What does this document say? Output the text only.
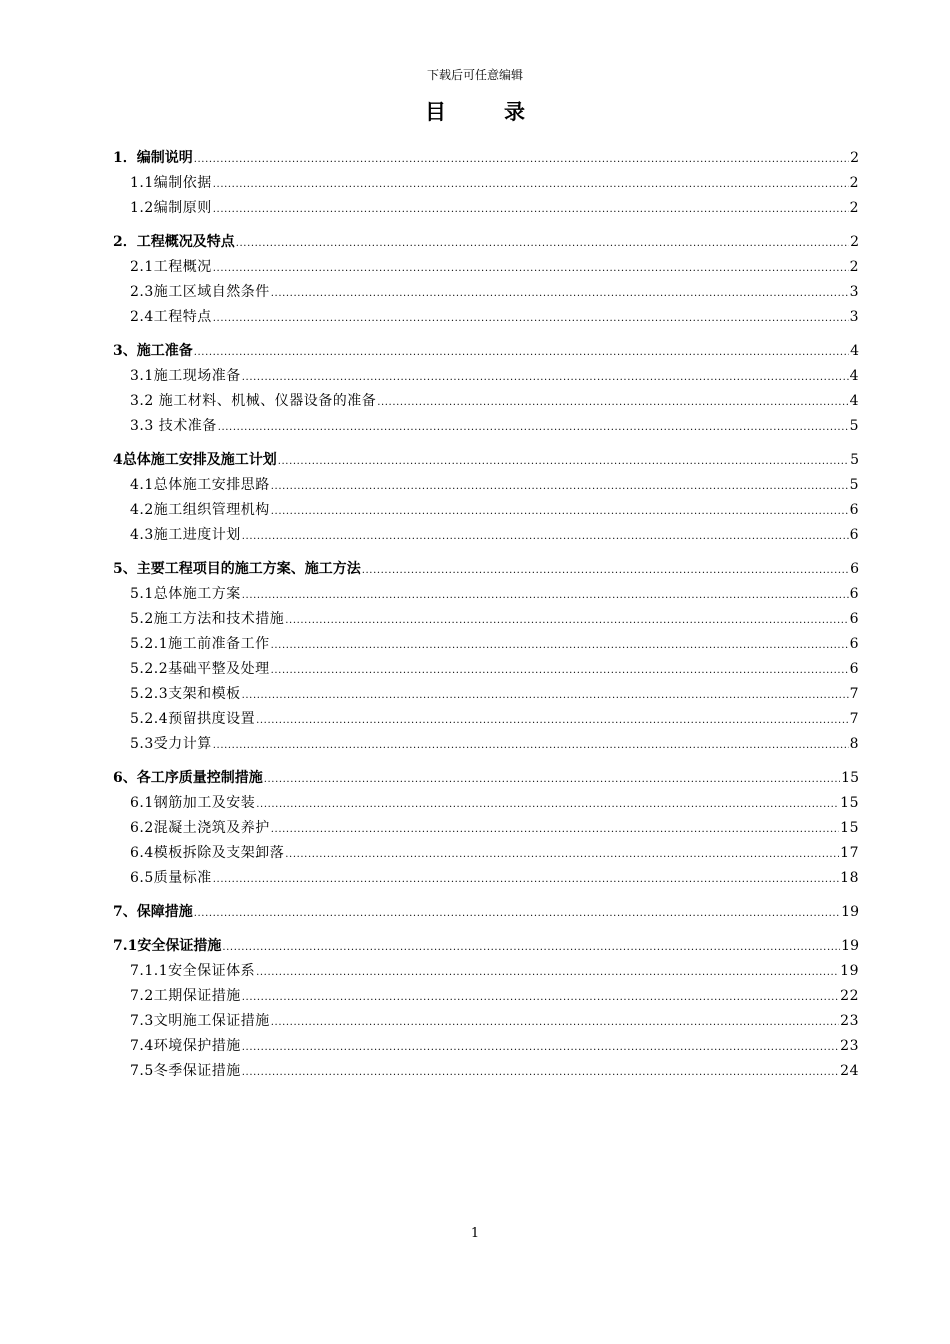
下载后可任意编辑
目	录
1．编制说明 .....	2
1.1编制依据 .....	2
1.2编制原则 .....	2
2．工程概况及特点 .....	2
2.1工程概况 .....	2
2.3施工区域自然条件 .....	3
2.4工程特点 .....	3
3、施工准备 .....	4
3.1施工现场准备 .....	4
3.2 施工材料、机械、仪器设备的准备 .....	4
3.3 技术准备 .....	5
4总体施工安排及施工计划 .....	5
4.1总体施工安排思路 .....	5
4.2施工组织管理机构 .....	6
4.3施工进度计划 .....	6
5、主要工程项目的施工方案、施工方法 .....	6
5.1总体施工方案 .....	6
5.2施工方法和技术措施 .....	6
5.2.1施工前准备工作 .....	6
5.2.2基础平整及处理 .....	6
5.2.3支架和模板 .....	7
5.2.4预留拱度设置 .....	7
5.3受力计算 .....	8
6、各工序质量控制措施 .....	15
6.1钢筋加工及安装 .....	15
6.2混凝土浇筑及养护 .....	15
6.4模板拆除及支架卸落 .....	17
6.5质量标准 .....	18
7、保障措施 .....	19
7.1安全保证措施 .....	19
7.1.1安全保证体系 .....	19
7.2工期保证措施 .....	22
7.3文明施工保证措施 .....	23
7.4环境保护措施 .....	23
7.5冬季保证措施 .....	24
1
